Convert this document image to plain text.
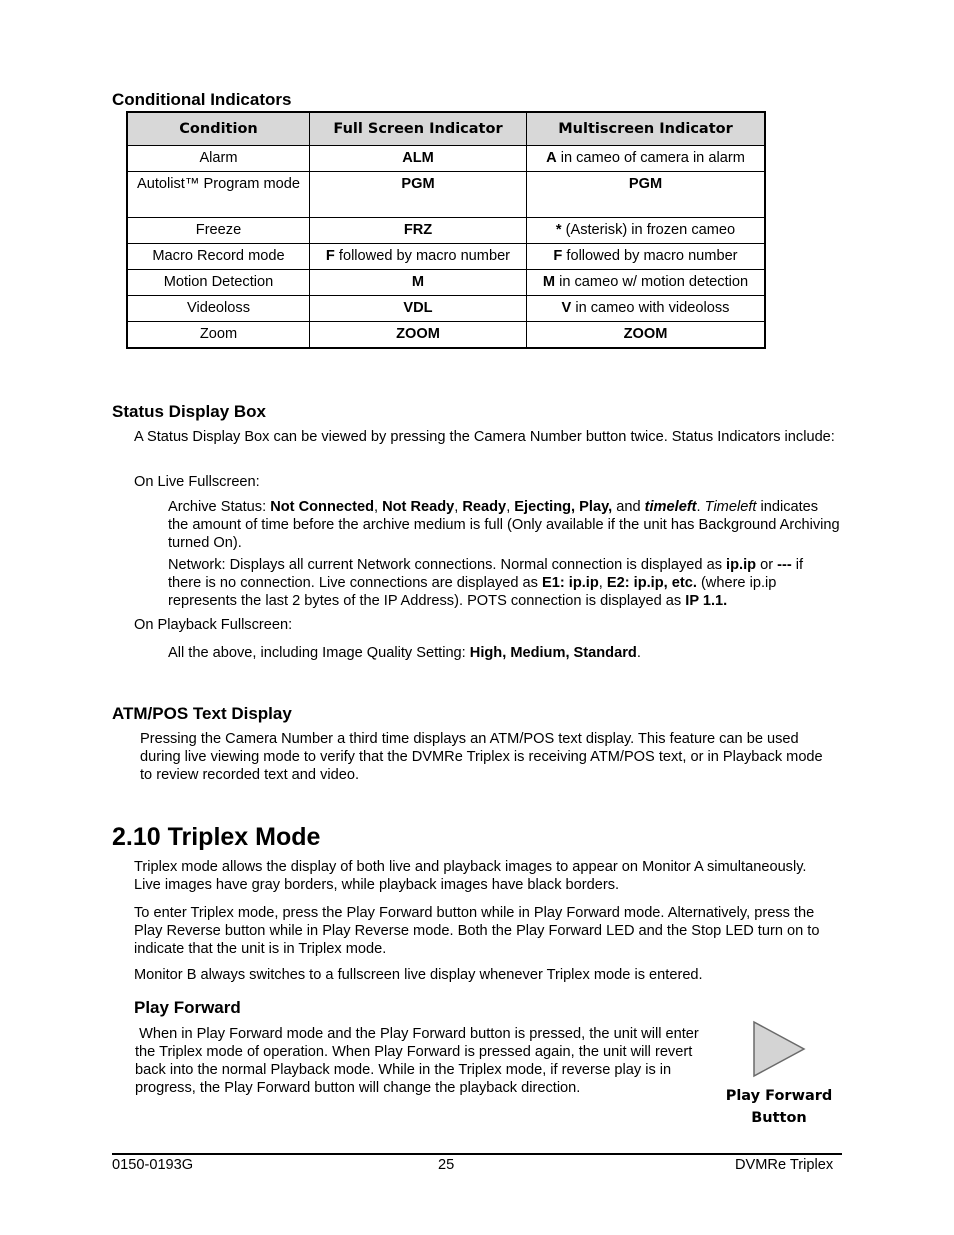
Conditional Indicators
Condition	Full Screen Indicator	Multiscreen Indicator
Alarm	ALM	A in cameo of camera in alarm
Autolist™ Program mode	PGM	PGM
Freeze	FRZ	* (Asterisk) in frozen cameo
Macro Record mode	F followed by macro number	F followed by macro number
Motion Detection	M	M in cameo w/ motion detection
Videoloss	VDL	V in cameo with videoloss
Zoom	ZOOM	ZOOM
Status Display Box

A Status Display Box can be viewed by pressing the Camera Number button twice. Status Indicators include:

On Live Fullscreen:

Archive Status: Not Connected, Not Ready, Ready, Ejecting, Play, and timeleft. Timeleft indicates the amount of time before the archive medium is full (Only available if the unit has Background Archiving turned On).

Network: Displays all current Network connections. Normal connection is displayed as ip.ip or --- if there is no connection. Live connections are displayed as E1: ip.ip, E2: ip.ip, etc. (where ip.ip represents the last 2 bytes of the IP Address). POTS connection is displayed as IP 1.1.

On Playback Fullscreen:

All the above, including Image Quality Setting: High, Medium, Standard.

ATM/POS Text Display

Pressing the Camera Number a third time displays an ATM/POS text display. This feature can be used during live viewing mode to verify that the DVMRe Triplex is receiving ATM/POS text, or in Playback mode to review recorded text and video.

2.10 Triplex Mode

Triplex mode allows the display of both live and playback images to appear on Monitor A simultaneously. Live images have gray borders, while playback images have black borders.

To enter Triplex mode, press the Play Forward button while in Play Forward mode. Alternatively, press the Play Reverse button while in Play Reverse mode. Both the Play Forward LED and the Stop LED turn on to indicate that the unit is in Triplex mode.

Monitor B always switches to a fullscreen live display whenever Triplex mode is entered.

Play Forward

When in Play Forward mode and the Play Forward button is pressed, the unit will enter the Triplex mode of operation. When Play Forward is pressed again, the unit will revert back into the normal Playback mode. While in the Triplex mode, if reverse play is in progress, the Play Forward button will change the playback direction.	Play Forward
Button
0150-0193G	25	DVMRe Triplex
